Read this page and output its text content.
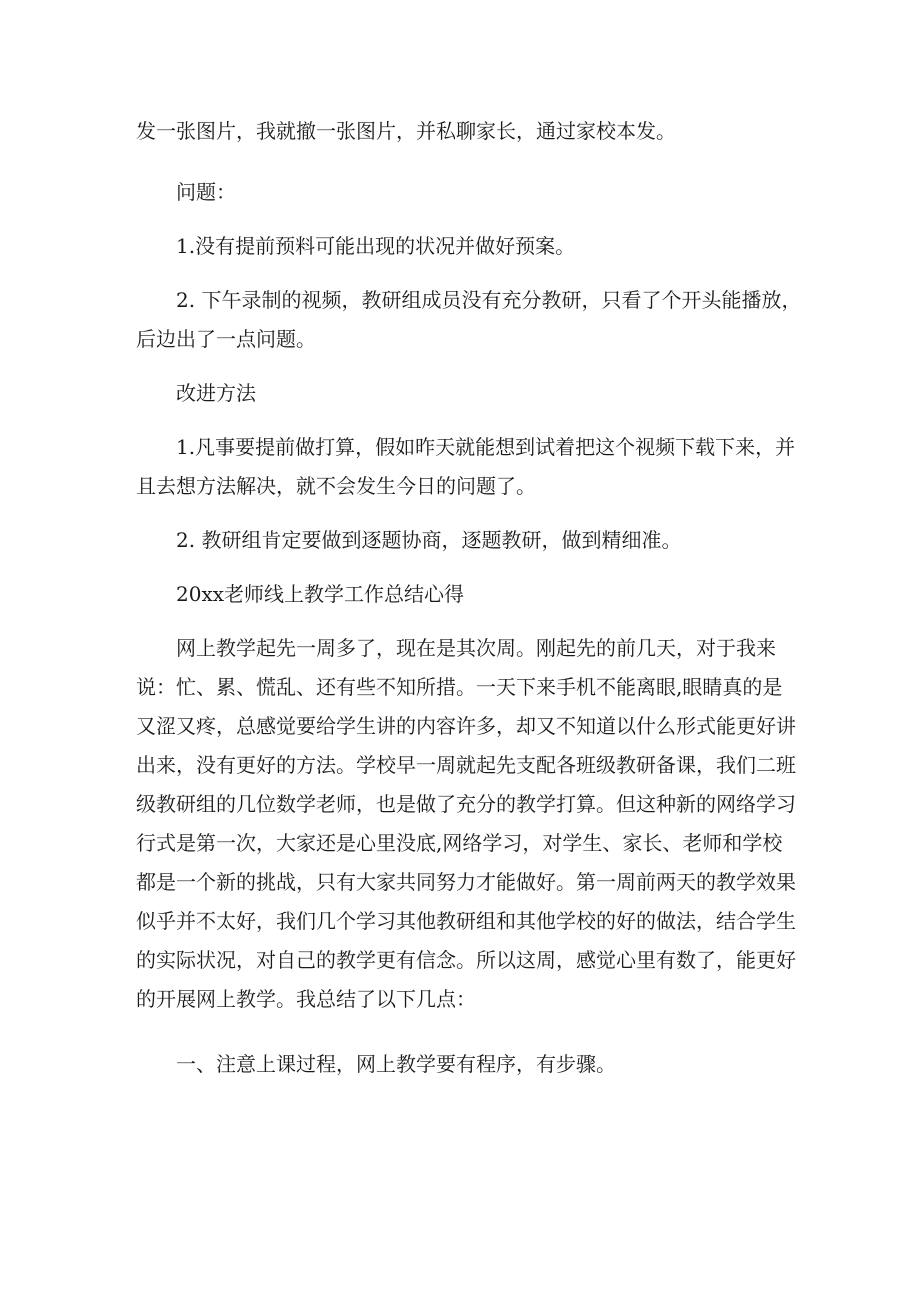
发一张图片，我就撤一张图片，并私聊家长，通过家校本发。
问题：
1.没有提前预料可能出现的状况并做好预案。
2. 下午录制的视频，教研组成员没有充分教研，只看了个开头能播放，
后边出了一点问题。
改进方法
1.凡事要提前做打算，假如昨天就能想到试着把这个视频下载下来，并
且去想方法解决，就不会发生今日的问题了。
2. 教研组肯定要做到逐题协商，逐题教研，做到精细准。
20xx老师线上教学工作总结心得
网上教学起先一周多了，现在是其次周。刚起先的前几天，对于我来
说：忙、累、慌乱、还有些不知所措。一天下来手机不能离眼,眼睛真的是
又涩又疼，总感觉要给学生讲的内容许多，却又不知道以什么形式能更好讲
出来，没有更好的方法。学校早一周就起先支配各班级教研备课，我们二班
级教研组的几位数学老师，也是做了充分的教学打算。但这种新的网络学习
行式是第一次，大家还是心里没底,网络学习，对学生、家长、老师和学校
都是一个新的挑战，只有大家共同努力才能做好。第一周前两天的教学效果
似乎并不太好，我们几个学习其他教研组和其他学校的好的做法，结合学生
的实际状况，对自己的教学更有信念。所以这周，感觉心里有数了，能更好
的开展网上教学。我总结了以下几点：
一、注意上课过程，网上教学要有程序，有步骤。
